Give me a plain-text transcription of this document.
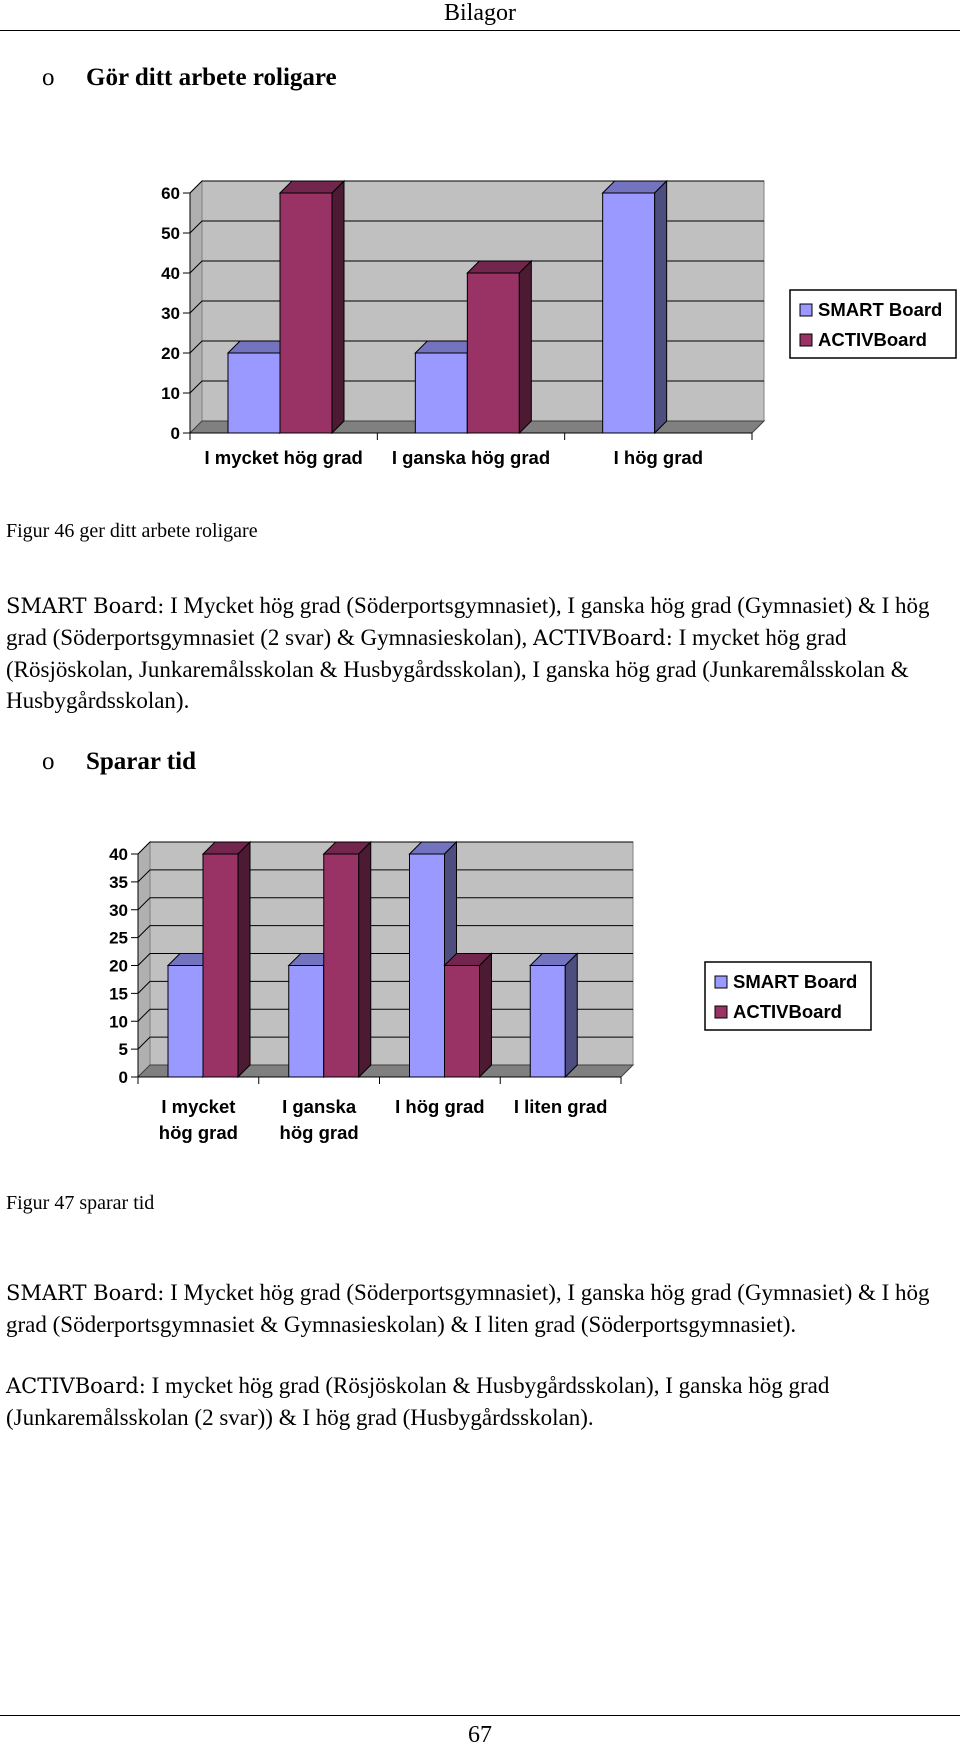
Bilagor
o Gör ditt arbete roligare
0
10
20
30
40
50
60
I mycket hög grad I ganska hög grad	I hög grad
SMART Board
ACTIVBoard
Figur 46 ger ditt arbete roligare
SMART Board: I Mycket hög grad (Söderportsgymnasiet), I ganska hög grad (Gymnasiet) & I hög grad (Söderportsgymnasiet (2 svar) & Gymnasieskolan), ACTIVBoard: I mycket hög grad (Rösjöskolan, Junkaremålsskolan & Husbygårdsskolan), I ganska hög grad (Junkaremålsskolan & Husbygårdsskolan).
o Sparar tid
0
5
10
15
20
25
30
35
40
I mycket
hög grad
I ganska
hög grad
I hög grad I liten grad
SMART Board
ACTIVBoard
Figur 47 sparar tid
SMART Board: I Mycket hög grad (Söderportsgymnasiet), I ganska hög grad (Gymnasiet) & I hög grad (Söderportsgymnasiet & Gymnasieskolan) & I liten grad (Söderportsgymnasiet).
ACTIVBoard: I mycket hög grad (Rösjöskolan & Husbygårdsskolan), I ganska hög grad (Junkaremålsskolan (2 svar)) & I hög grad (Husbygårdsskolan).
67
